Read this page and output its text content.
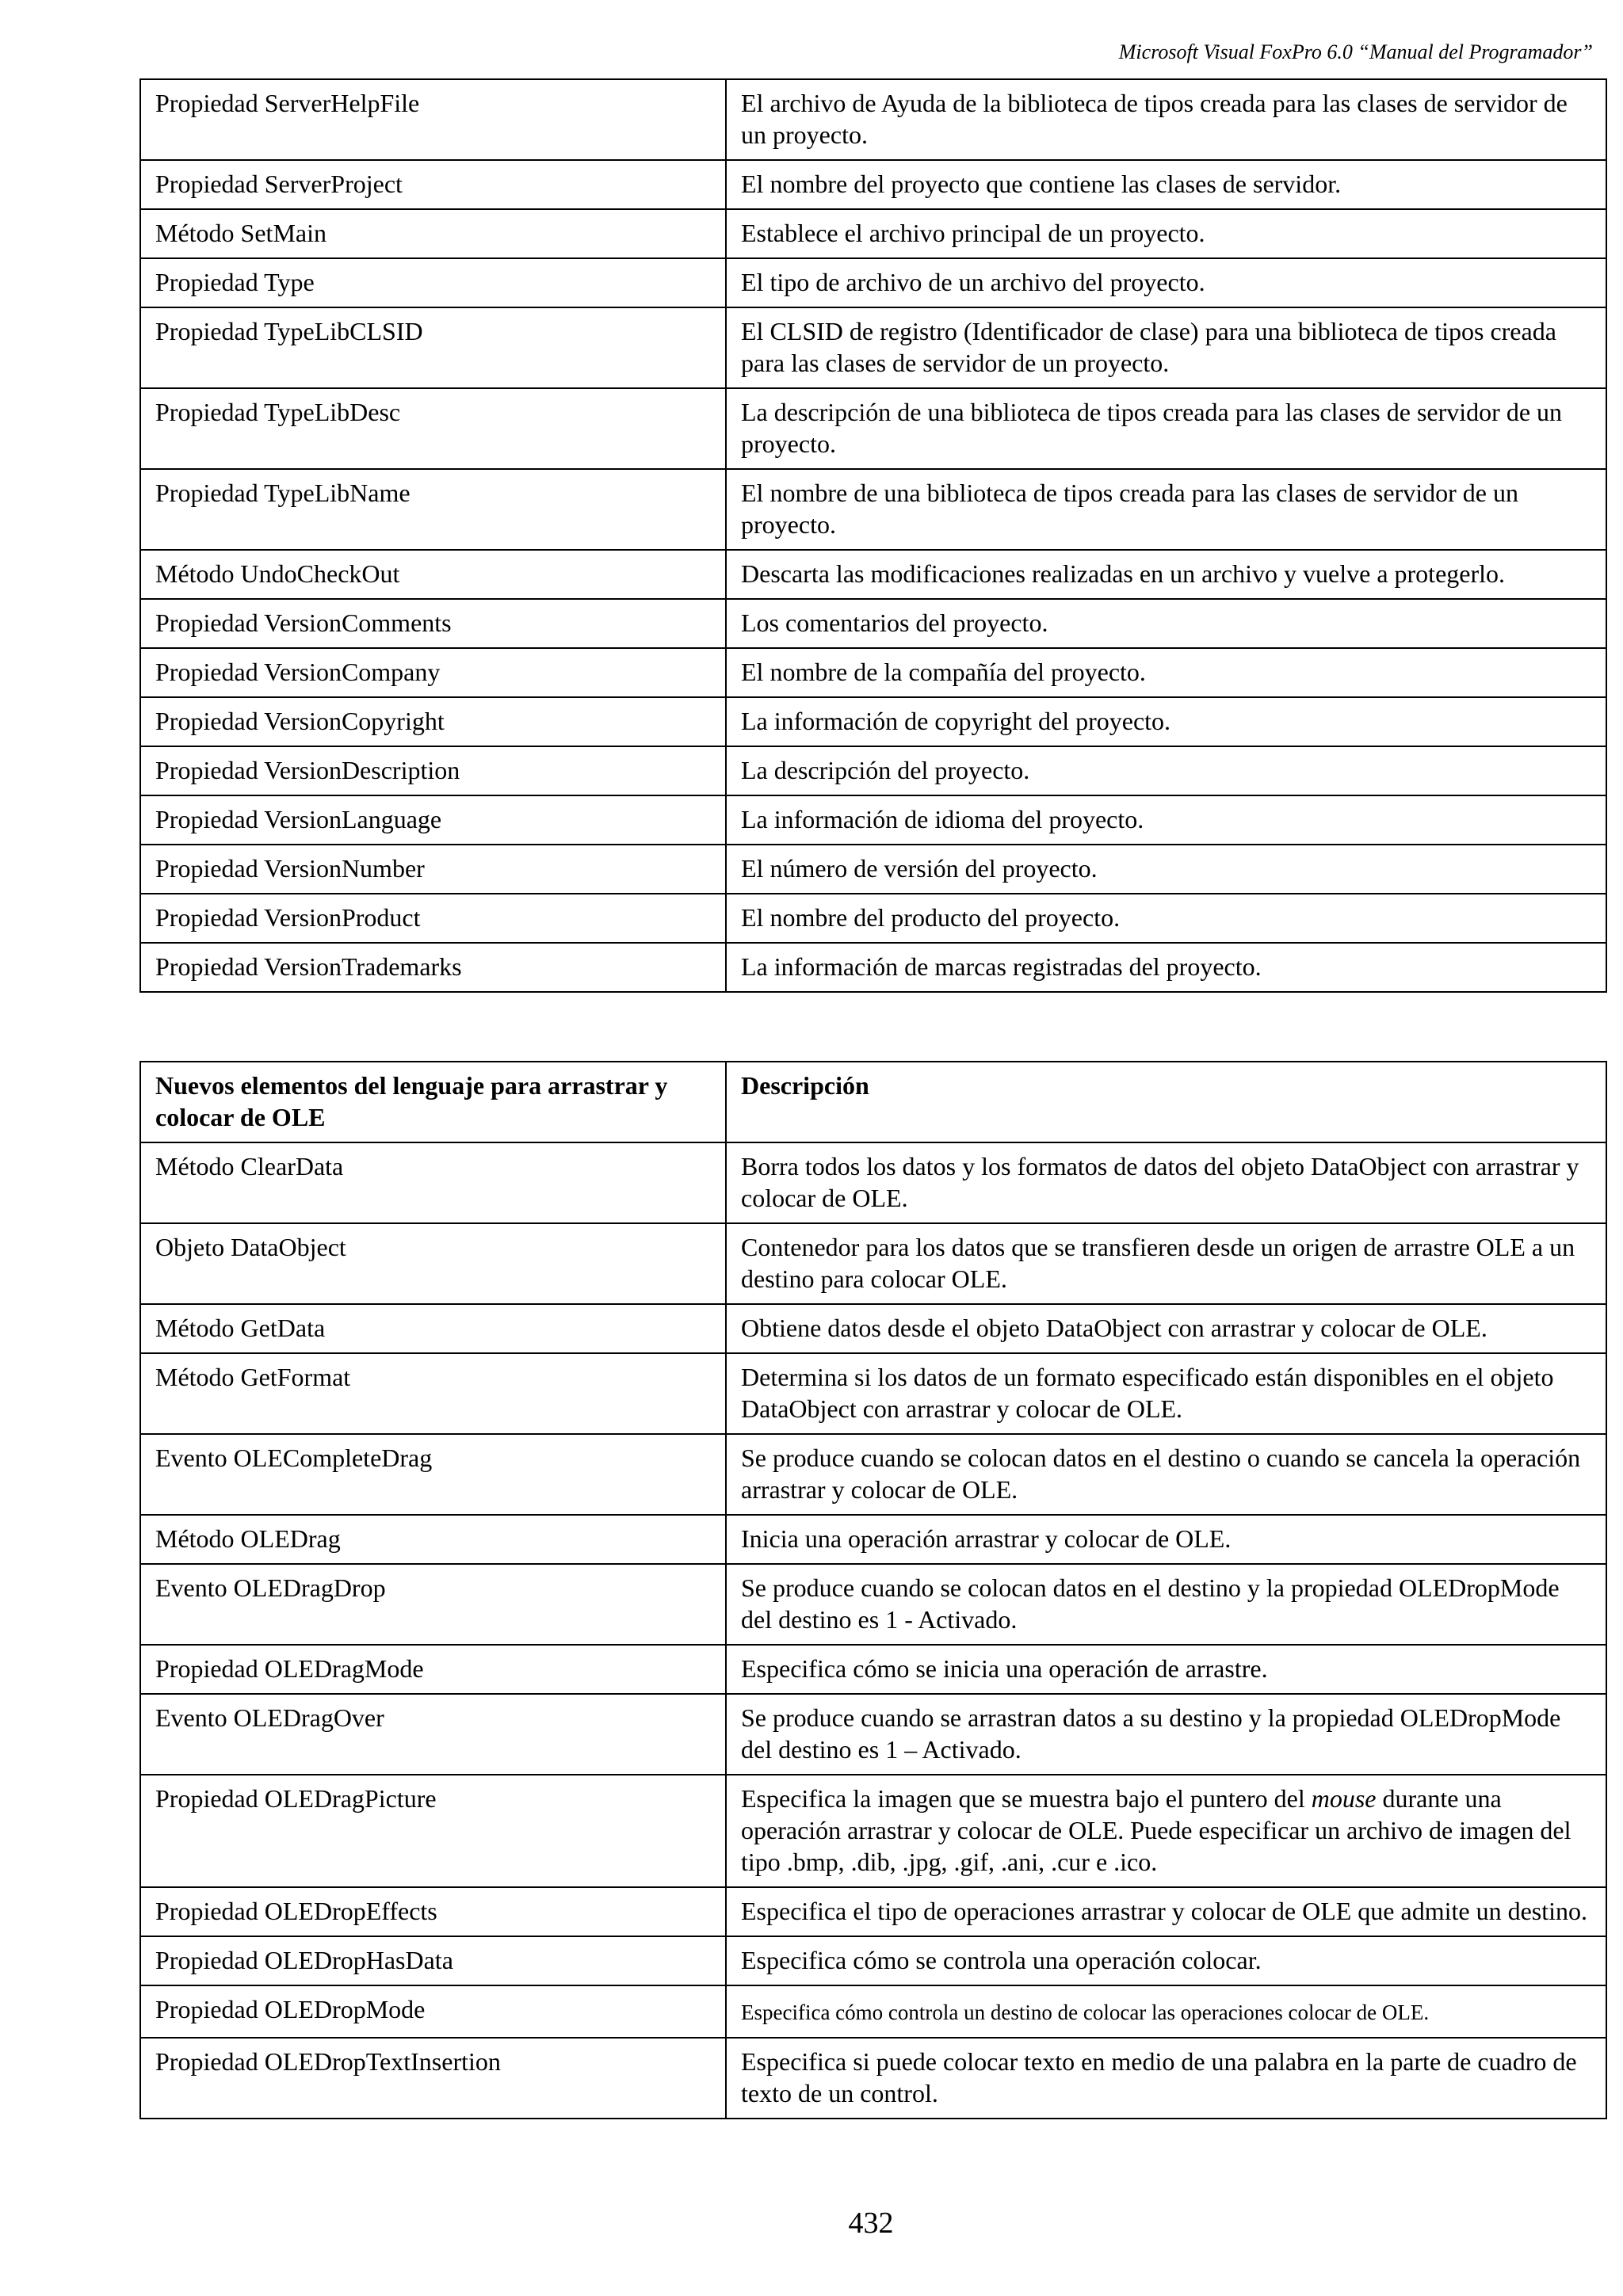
Microsoft Visual FoxPro 6.0 “Manual del Programador”
Propiedad ServerHelpFile	El archivo de Ayuda de la biblioteca de tipos creada para las clases de servidor de un proyecto.
Propiedad ServerProject	El nombre del proyecto que contiene las clases de servidor.
Método SetMain	Establece el archivo principal de un proyecto.
Propiedad Type	El tipo de archivo de un archivo del proyecto.
Propiedad TypeLibCLSID	El CLSID de registro (Identificador de clase) para una biblioteca de tipos creada para las clases de servidor de un proyecto.
Propiedad TypeLibDesc	La descripción de una biblioteca de tipos creada para las clases de servidor de un proyecto.
Propiedad TypeLibName	El nombre de una biblioteca de tipos creada para las clases de servidor de un proyecto.
Método UndoCheckOut	Descarta las modificaciones realizadas en un archivo y vuelve a protegerlo.
Propiedad VersionComments	Los comentarios del proyecto.
Propiedad VersionCompany	El nombre de la compañía del proyecto.
Propiedad VersionCopyright	La información de copyright del proyecto.
Propiedad VersionDescription	La descripción del proyecto.
Propiedad VersionLanguage	La información de idioma del proyecto.
Propiedad VersionNumber	El número de versión del proyecto.
Propiedad VersionProduct	El nombre del producto del proyecto.
Propiedad VersionTrademarks	La información de marcas registradas del proyecto.
Nuevos elementos del lenguaje para arrastrar y colocar de OLE	Descripción
Método ClearData	Borra todos los datos y los formatos de datos del objeto DataObject con arrastrar y colocar de OLE.
Objeto DataObject	Contenedor para los datos que se transfieren desde un origen de arrastre OLE a un destino para colocar OLE.
Método GetData	Obtiene datos desde el objeto DataObject con arrastrar y colocar de OLE.
Método GetFormat	Determina si los datos de un formato especificado están disponibles en el objeto DataObject con arrastrar y colocar de OLE.
Evento OLECompleteDrag	Se produce cuando se colocan datos en el destino o cuando se cancela la operación arrastrar y colocar de OLE.
Método OLEDrag	Inicia una operación arrastrar y colocar de OLE.
Evento OLEDragDrop	Se produce cuando se colocan datos en el destino y la propiedad OLEDropMode del destino es 1 - Activado.
Propiedad OLEDragMode	Especifica cómo se inicia una operación de arrastre.
Evento OLEDragOver	Se produce cuando se arrastran datos a su destino y la propiedad OLEDropMode del destino es 1 – Activado.
Propiedad OLEDragPicture	Especifica la imagen que se muestra bajo el puntero del mouse durante una operación arrastrar y colocar de OLE. Puede especificar un archivo de imagen del tipo .bmp, .dib, .jpg, .gif, .ani, .cur e .ico.
Propiedad OLEDropEffects	Especifica el tipo de operaciones arrastrar y colocar de OLE que admite un destino.
Propiedad OLEDropHasData	Especifica cómo se controla una operación colocar.
Propiedad OLEDropMode	Especifica cómo controla un destino de colocar las operaciones colocar de OLE.
Propiedad OLEDropTextInsertion	Especifica si puede colocar texto en medio de una palabra en la parte de cuadro de texto de un control.
432
